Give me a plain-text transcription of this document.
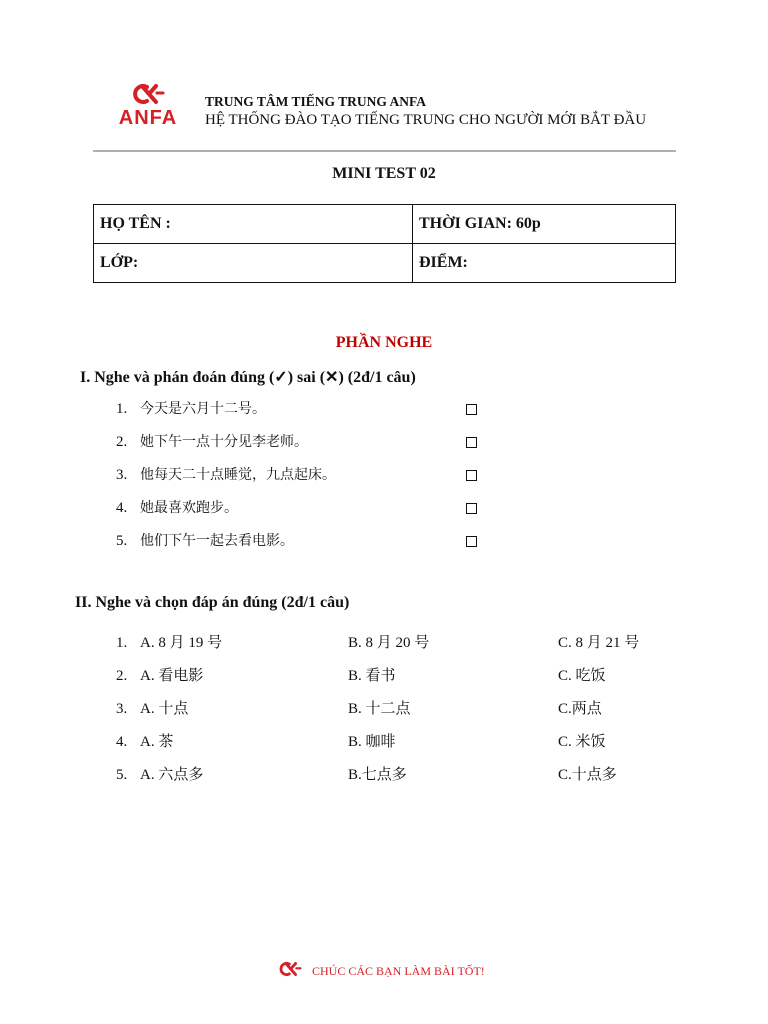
ANFA
TRUNG TÂM TIẾNG TRUNG ANFA
HỆ THỐNG ĐÀO TẠO TIẾNG TRUNG CHO NGƯỜI MỚI BẮT ĐẦU
MINI TEST 02
HỌ TÊN :	THỜI GIAN: 60p
LỚP:	ĐIỂM:
PHẦN NGHE
I. Nghe và phán đoán đúng (✓) sai (✕) (2đ/1 câu)
1. 今天是六月十二号。
2. 她下午一点十分见李老师。
3. 他每天二十点睡觉，九点起床。
4. 她最喜欢跑步。
5. 他们下午一起去看电影。
II. Nghe và chọn đáp án đúng (2đ/1 câu)
1. A. 8 月 19 号	B. 8 月 20 号	C. 8 月 21 号
2. A. 看电影	B. 看书	C. 吃饭
3. A. 十点	B. 十二点	C.两点
4. A. 茶	B. 咖啡	C. 米饭
5. A. 六点多	B.七点多	C.十点多
CHÚC CÁC BẠN LÀM BÀI TỐT!
